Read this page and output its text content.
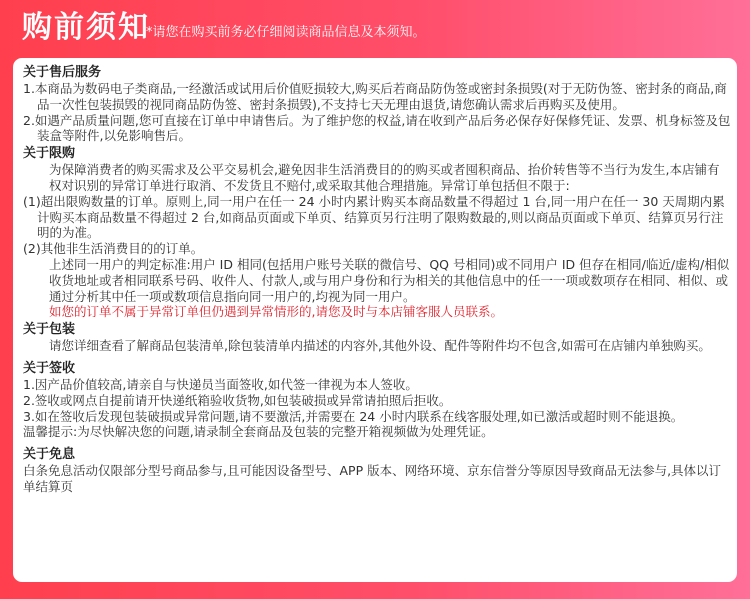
购前须知
*请您在购买前务必仔细阅读商品信息及本须知。
关于售后服务

1.本商品为数码电子类商品,一经激活或试用后价值贬损较大,购买后若商品防伪签或密封条损毁(对于无防伪签、密封条的商品,商品一次性包装损毁的视同商品防伪签、密封条损毁),不支持七天无理由退货,请您确认需求后再购买及使用。

2.如遇产品质量问题,您可直接在订单中申请售后。为了维护您的权益,请在收到产品后务必保存好保修凭证、发票、机身标签及包装盒等附件,以免影响售后。

关于限购

为保障消费者的购买需求及公平交易机会,避免因非生活消费目的的购买或者囤积商品、抬价转售等不当行为发生,本店铺有权对识别的异常订单进行取消、不发货且不赔付,或采取其他合理措施。异常订单包括但不限于:

(1)超出限购数量的订单。原则上,同一用户在任一 24 小时内累计购买本商品数量不得超过 1 台,同一用户在任一 30 天周期内累计购买本商品数量不得超过 2 台,如商品页面或下单页、结算页另行注明了限购数最的,则以商品页面或下单页、结算页另行注明的为准。

(2)其他非生活消费目的的订单。

上述同一用户的判定标准:用户 ID 相同(包括用户账号关联的微信号、QQ 号相同)或不同用户 ID 但存在相同/临近/虚构/相似收货地址或者相同联系号码、收件人、付款人,或与用户身份和行为相关的其他信息中的任一一项或数项存在相同、相似、或通过分析其中任一项或数项信息指向同一用户的,均视为同一用户。

如您的订单不属于异常订单但仍遇到异常情形的,请您及时与本店铺客服人员联系。

关于包装

请您详细查看了解商品包装清单,除包装清单内描述的内容外,其他外设、配件等附件均不包含,如需可在店铺内单独购买。

关于签收

1.因产品价值较高,请亲自与快递员当面签收,如代签一律视为本人签收。

2.签收或网点自提前请开快递纸箱验收货物,如包装破损或异常请拍照后拒收。

3.如在签收后发现包装破损或异常问题,请不要激活,并需要在 24 小时内联系在线客服处理,如已激活或超时则不能退换。

温馨提示:为尽快解决您的问题,请录制全套商品及包装的完整开箱视频做为处理凭证。

关于免息

白条免息活动仅限部分型号商品参与,且可能因设备型号、APP 版本、网络环境、京东信誉分等原因导致商品无法参与,具体以订单结算页
